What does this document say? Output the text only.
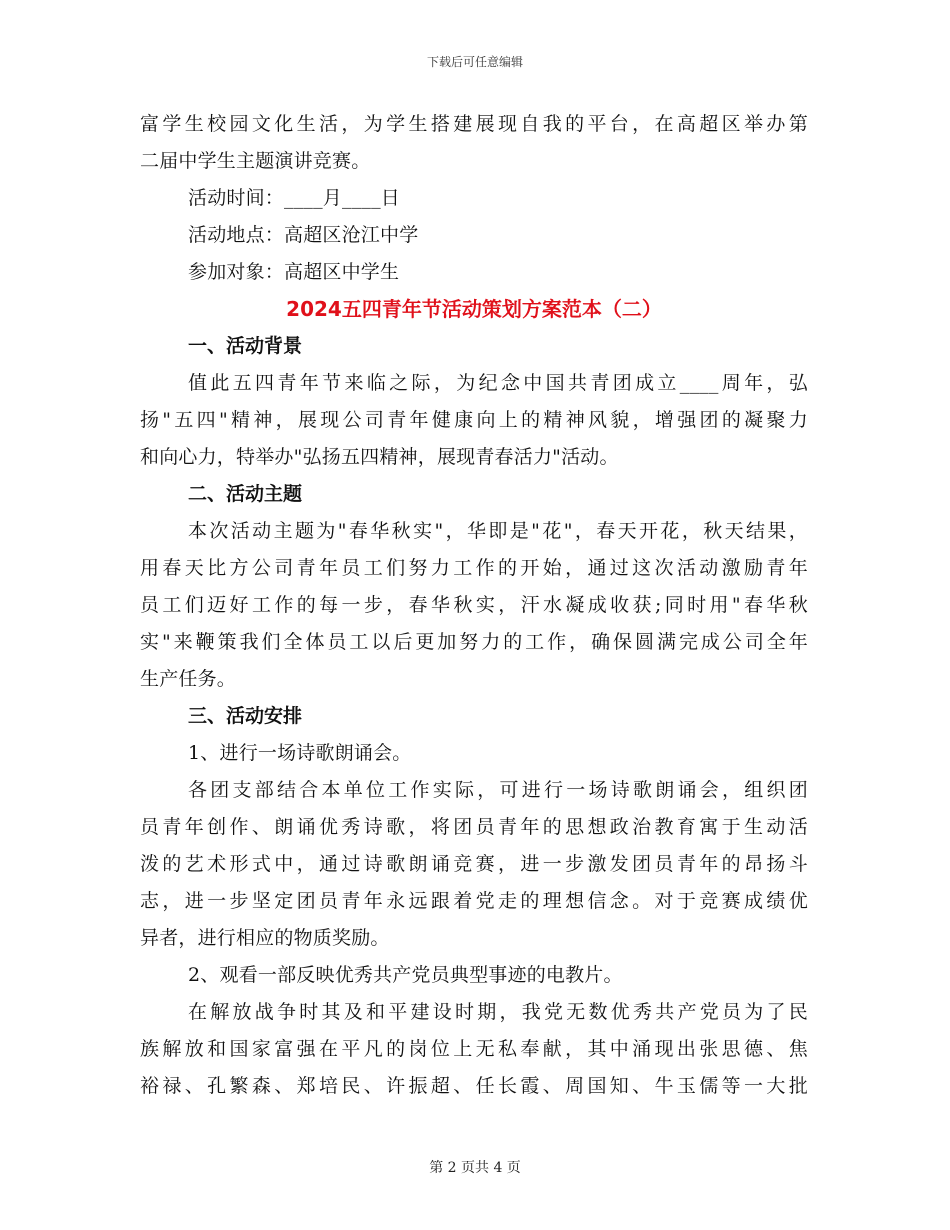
下载后可任意编辑
富学生校园文化生活，为学生搭建展现自我的平台，在高超区举办第
二届中学生主题演讲竞赛。
活动时间：____月____日
活动地点：高超区沧江中学
参加对象：高超区中学生
2024五四青年节活动策划方案范本（二）
一、活动背景
值此五四青年节来临之际，为纪念中国共青团成立____周年，弘
扬"五四"精神，展现公司青年健康向上的精神风貌，增强团的凝聚力
和向心力，特举办"弘扬五四精神，展现青春活力"活动。
二、活动主题
本次活动主题为"春华秋实"，华即是"花"，春天开花，秋天结果，
用春天比方公司青年员工们努力工作的开始，通过这次活动激励青年
员工们迈好工作的每一步，春华秋实，汗水凝成收获;同时用"春华秋
实"来鞭策我们全体员工以后更加努力的工作，确保圆满完成公司全年
生产任务。
三、活动安排
1、进行一场诗歌朗诵会。
各团支部结合本单位工作实际，可进行一场诗歌朗诵会，组织团
员青年创作、朗诵优秀诗歌，将团员青年的思想政治教育寓于生动活
泼的艺术形式中，通过诗歌朗诵竞赛，进一步激发团员青年的昂扬斗
志，进一步坚定团员青年永远跟着党走的理想信念。对于竞赛成绩优
异者，进行相应的物质奖励。
2、观看一部反映优秀共产党员典型事迹的电教片。
在解放战争时其及和平建设时期，我党无数优秀共产党员为了民
族解放和国家富强在平凡的岗位上无私奉献，其中涌现出张思德、焦
裕禄、孔繁森、郑培民、许振超、任长霞、周国知、牛玉儒等一大批
第 2 页共 4 页
